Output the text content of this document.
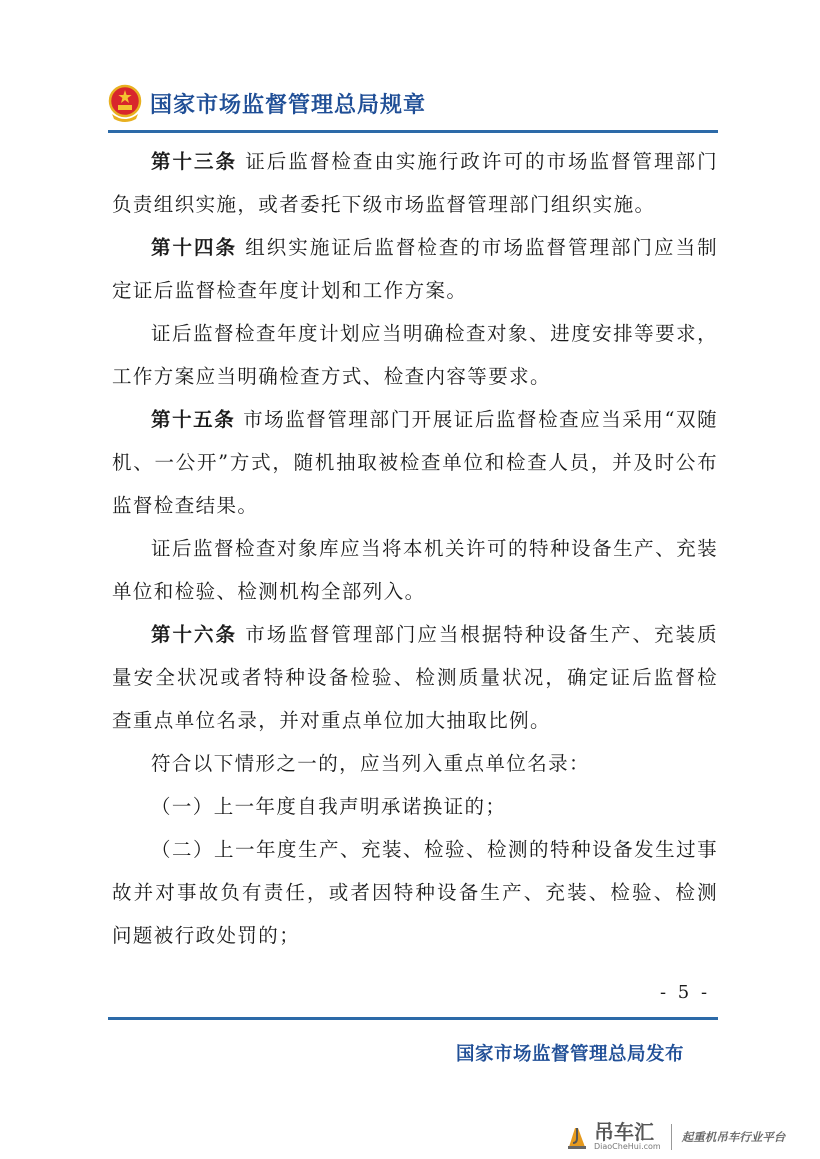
国家市场监督管理总局规章

第十三条 证后监督检查由实施行政许可的市场监督管理部门负责组织实施，或者委托下级市场监督管理部门组织实施。

第十四条 组织实施证后监督检查的市场监督管理部门应当制定证后监督检查年度计划和工作方案。

证后监督检查年度计划应当明确检查对象、进度安排等要求，工作方案应当明确检查方式、检查内容等要求。

第十五条 市场监督管理部门开展证后监督检查应当采用“双随机、一公开”方式，随机抽取被检查单位和检查人员，并及时公布监督检查结果。

证后监督检查对象库应当将本机关许可的特种设备生产、充装单位和检验、检测机构全部列入。

第十六条 市场监督管理部门应当根据特种设备生产、充装质量安全状况或者特种设备检验、检测质量状况，确定证后监督检查重点单位名录，并对重点单位加大抽取比例。

符合以下情形之一的，应当列入重点单位名录：

（一）上一年度自我声明承诺换证的；

（二）上一年度生产、充装、检验、检测的特种设备发生过事故并对事故负有责任，或者因特种设备生产、充装、检验、检测问题被行政处罚的；

- 5 -
国家市场监督管理总局发布
吊车汇
DiaoCheHui.com
起重机吊车行业平台
